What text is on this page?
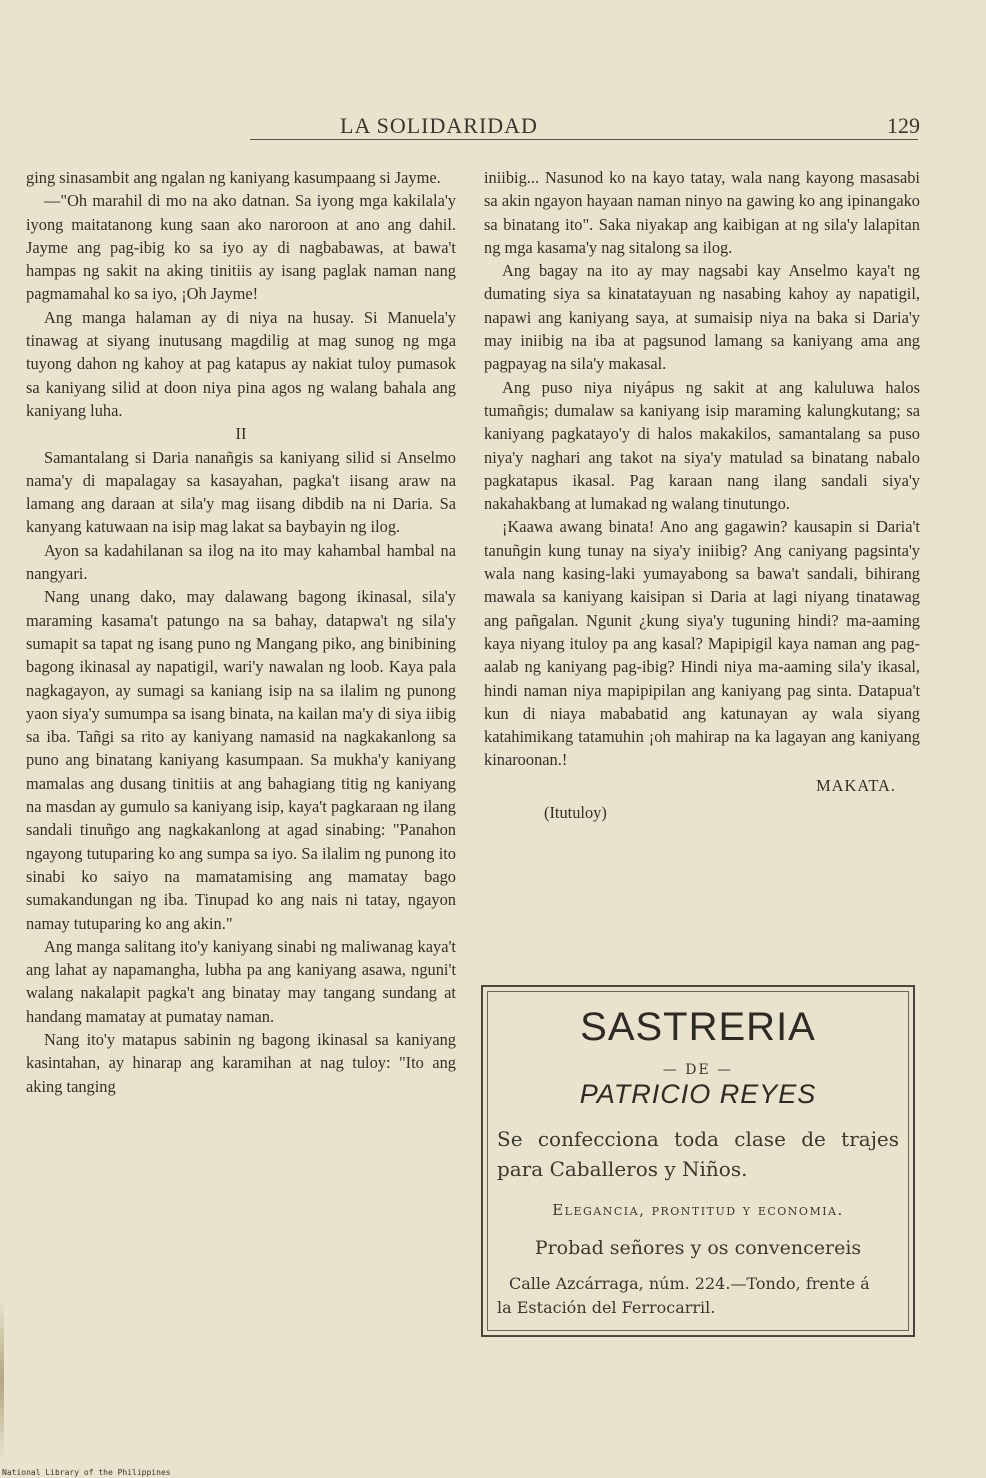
LA SOLIDARIDAD	129

ging sinasambit ang ngalan ng kaniyang kasumpaang si Jayme.

—"Oh marahil di mo na ako datnan. Sa iyong mga kakilala'y iyong maitatanong kung saan ako naroroon at ano ang dahil. Jayme ang pag-ibig ko sa iyo ay di nagbabawas, at bawa't hampas ng sakit na aking tinitiis ay isang paglak naman nang pagmamahal ko sa iyo, ¡Oh Jayme!

Ang manga halaman ay di niya na husay. Si Manuela'y tinawag at siyang inutusang magdilig at mag sunog ng mga tuyong dahon ng kahoy at pag katapus ay nakiat tuloy pumasok sa kaniyang silid at doon niya pina agos ng walang bahala ang kaniyang luha.

II

Samantalang si Daria nanañgis sa kaniyang silid si Anselmo nama'y di mapalagay sa kasayahan, pagka't iisang araw na lamang ang daraan at sila'y mag iisang dibdib na ni Daria. Sa kanyang katuwaan na isip mag lakat sa baybayin ng ilog.

Ayon sa kadahilanan sa ilog na ito may kahambal hambal na nangyari.

Nang unang dako, may dalawang bagong ikinasal, sila'y maraming kasama't patungo na sa bahay, datapwa't ng sila'y sumapit sa tapat ng isang puno ng Mangang piko, ang binibining bagong ikinasal ay napatigil, wari'y nawalan ng loob. Kaya pala nagkagayon, ay sumagi sa kaniang isip na sa ilalim ng punong yaon siya'y sumumpa sa isang binata, na kailan ma'y di siya iibig sa iba. Tañgi sa rito ay kaniyang namasid na nagkakanlong sa puno ang binatang kaniyang kasumpaan. Sa mukha'y kaniyang mamalas ang dusang tinitiis at ang bahagiang titig ng kaniyang na masdan ay gumulo sa kaniyang isip, kaya't pagkaraan ng ilang sandali tinuñgo ang nagkakanlong at agad sinabing: "Panahon ngayong tutuparing ko ang sumpa sa iyo. Sa ilalim ng punong ito sinabi ko saiyo na mamatamising ang mamatay bago sumakandungan ng iba. Tinupad ko ang nais ni tatay, ngayon namay tutuparing ko ang akin."

Ang manga salitang ito'y kaniyang sinabi ng maliwanag kaya't ang lahat ay napamangha, lubha pa ang kaniyang asawa, nguni't walang nakalapit pagka't ang binatay may tangang sundang at handang mamatay at pumatay naman.

Nang ito'y matapus sabinin ng bagong ikinasal sa kaniyang kasintahan, ay hinarap ang karamihan at nag tuloy: "Ito ang aking tanging

iniibig... Nasunod ko na kayo tatay, wala nang kayong masasabi sa akin ngayon hayaan naman ninyo na gawing ko ang ipinangako sa binatang ito". Saka niyakap ang kaibigan at ng sila'y lalapitan ng mga kasama'y nag sitalong sa ilog.

Ang bagay na ito ay may nagsabi kay Anselmo kaya't ng dumating siya sa kinatatayuan ng nasabing kahoy ay napatigil, napawi ang kaniyang saya, at sumaisip niya na baka si Daria'y may iniibig na iba at pagsunod lamang sa kaniyang ama ang pagpayag na sila'y makasal.

Ang puso niya niyápus ng sakit at ang kaluluwa halos tumañgis; dumalaw sa kaniyang isip maraming kalungkutang; sa kaniyang pagkatayo'y di halos makakilos, samantalang sa puso niya'y naghari ang takot na siya'y matulad sa binatang nabalo pagkatapus ikasal. Pag karaan nang ilang sandali siya'y nakahakbang at lumakad ng walang tinutungo.

¡Kaawa awang binata! Ano ang gagawin? kausapin si Daria't tanuñgin kung tunay na siya'y iniibig? Ang caniyang pagsinta'y wala nang kasing-laki yumayabong sa bawa't sandali, bihirang mawala sa kaniyang kaisipan si Daria at lagi niyang tinatawag ang pañgalan. Ngunit ¿kung siya'y tuguning hindi? ma-aaming kaya niyang ituloy pa ang kasal? Mapipigil kaya naman ang pag-aalab ng kaniyang pag-ibig? Hindi niya ma-aaming sila'y ikasal, hindi naman niya mapipipilan ang kaniyang pag sinta. Datapua't kun di niaya mababatid ang katunayan ay wala siyang katahimikang tatamuhin ¡oh mahirap na ka lagayan ang kaniyang kinaroonan.!

MAKATA.

(Itutuloy)

SASTRERIA
— DE —
PATRICIO REYES
Se confecciona toda clase de trajes
para Caballeros y Niños.
Elegancia, prontitud y economia.
Probad señores y os convencereis
Calle Azcárraga, núm. 224.—Tondo, frente á
la Estación del Ferrocarril.
National Library of the Philippines
